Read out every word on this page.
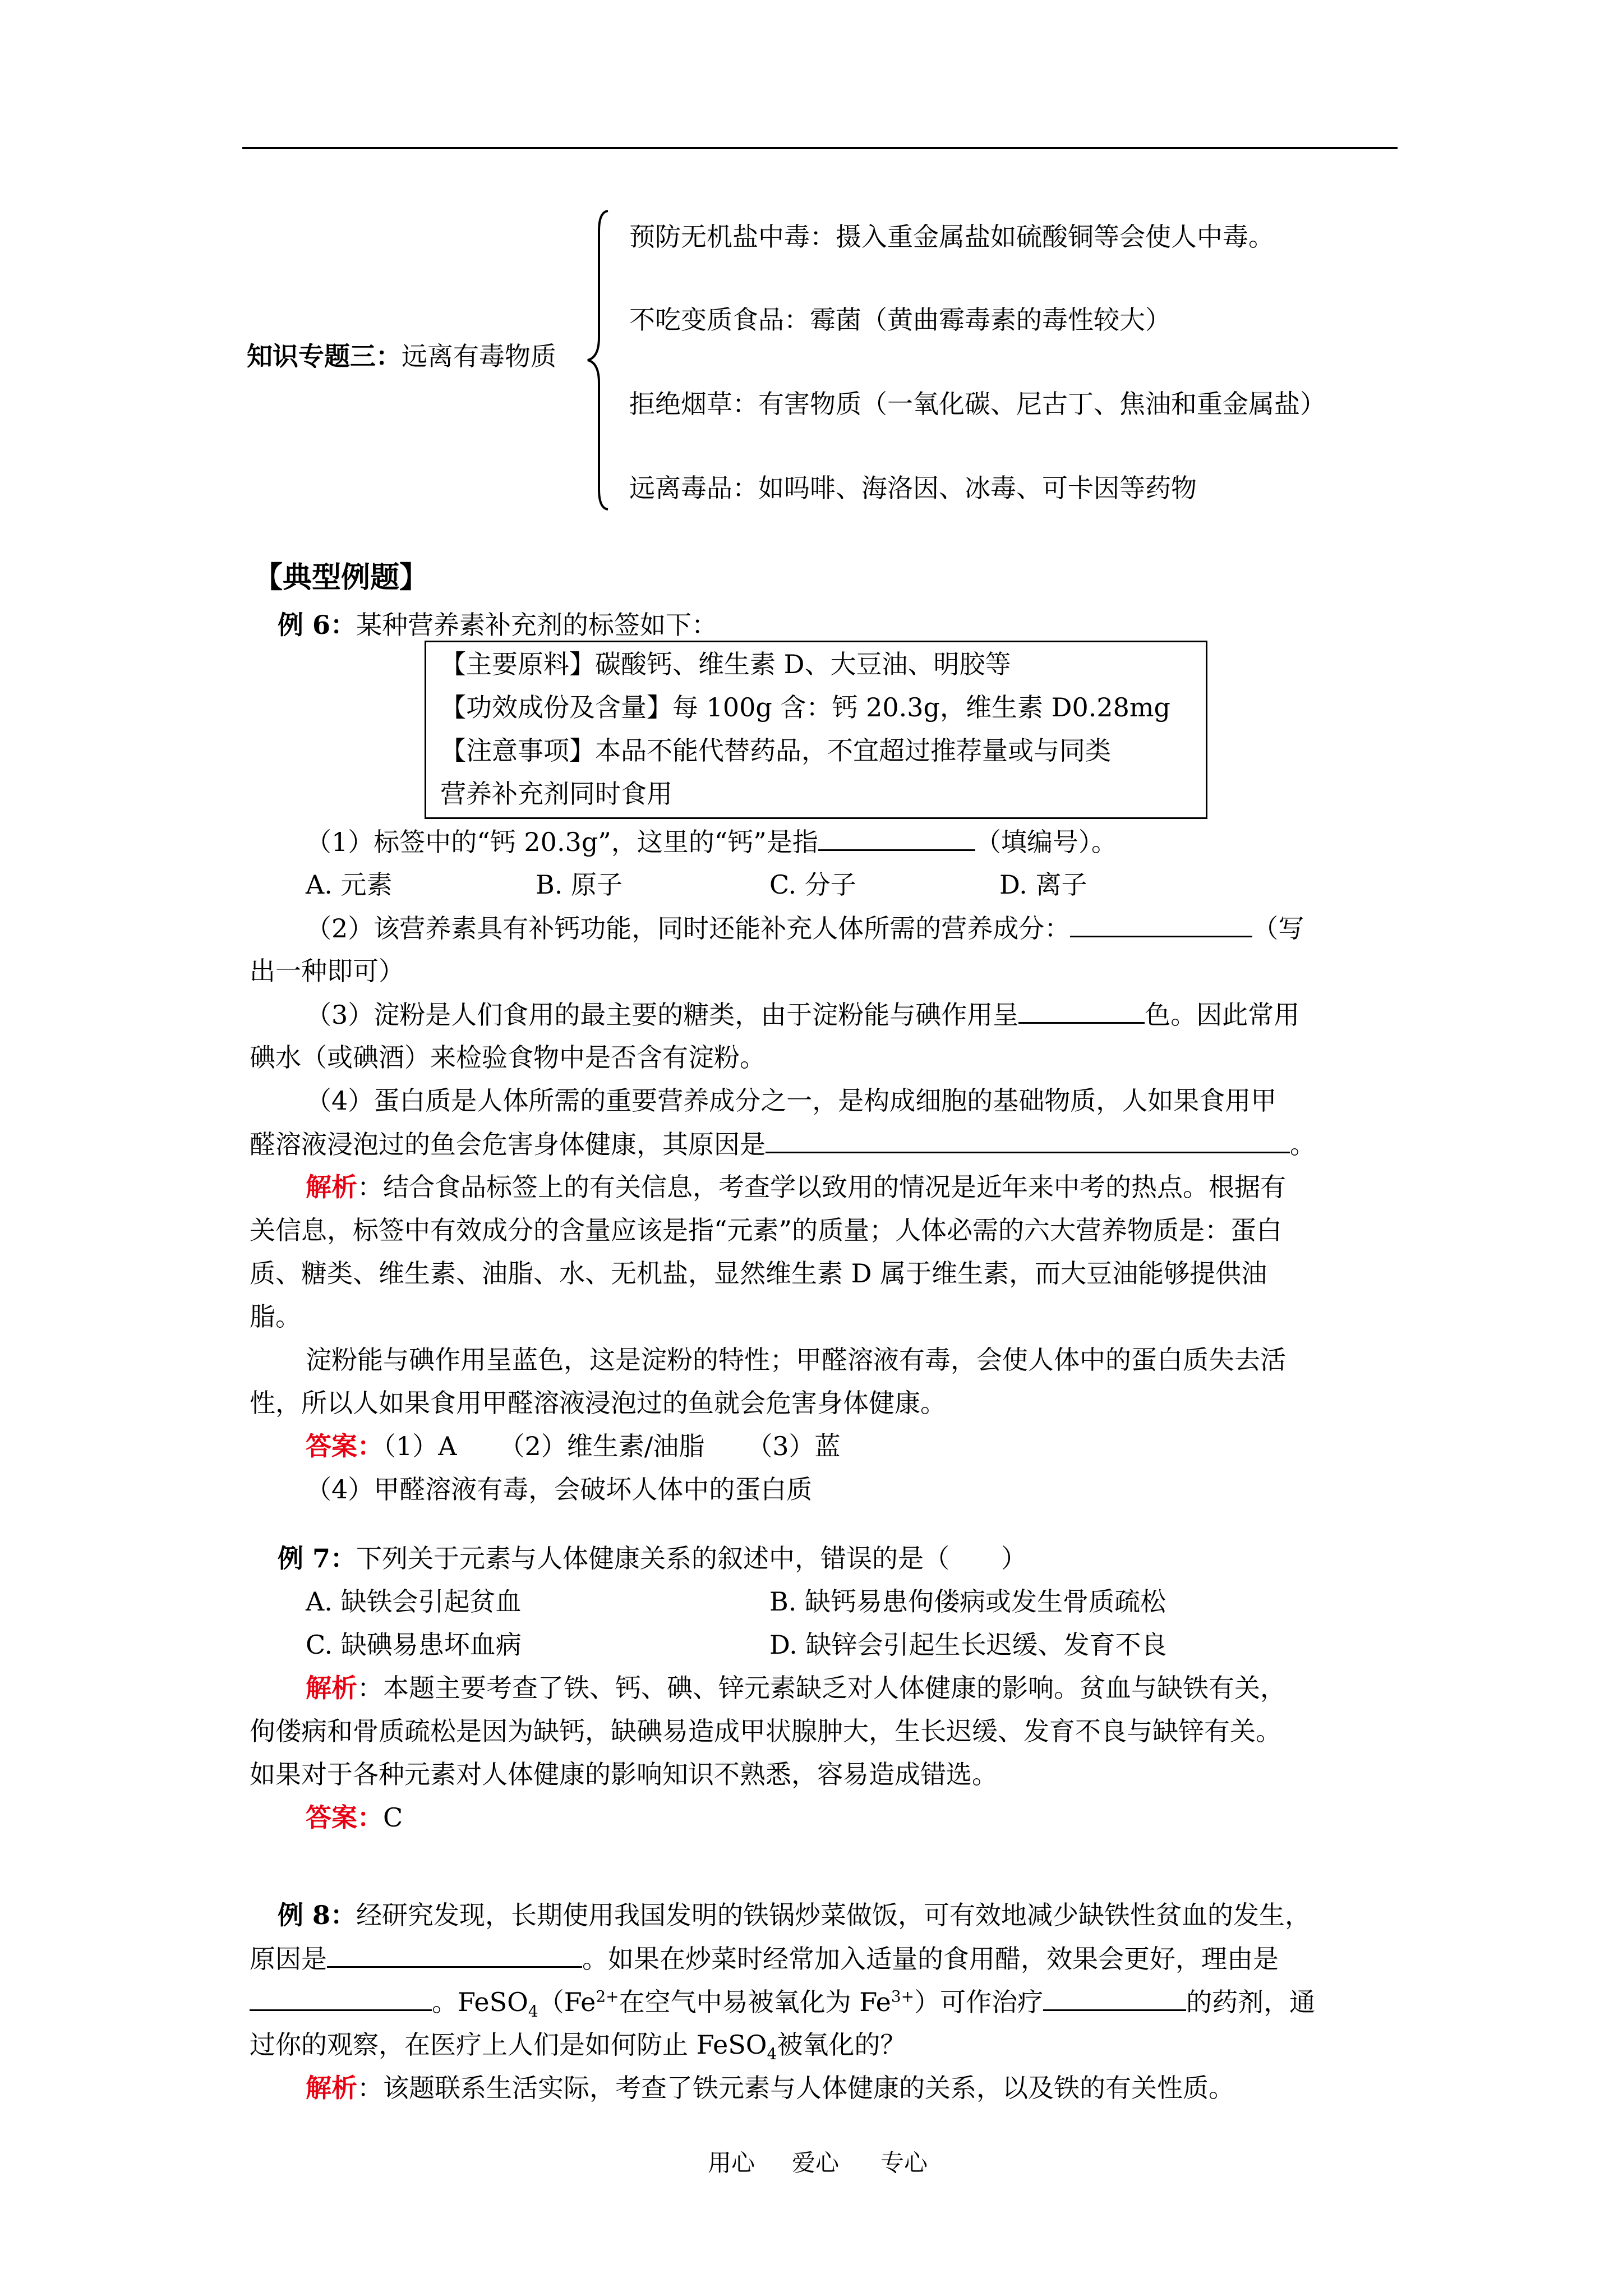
知识专题三：远离有毒物质
预防无机盐中毒：摄入重金属盐如硫酸铜等会使人中毒。
不吃变质食品：霉菌（黄曲霉毒素的毒性较大）
拒绝烟草：有害物质（一氧化碳、尼古丁、焦油和重金属盐）
远离毒品：如吗啡、海洛因、冰毒、可卡因等药物
【典型例题】
例 6：某种营养素补充剂的标签如下：
【主要原料】碳酸钙、维生素 D、大豆油、明胶等
【功效成份及含量】每 100g 含：钙 20.3g，维生素 D0.28mg
【注意事项】本品不能代替药品，不宜超过推荐量或与同类
营养补充剂同时食用
（1）标签中的“钙 20.3g”，这里的“钙”是指	（填编号）。
A. 元素	B. 原子	C. 分子	D. 离子
（2）该营养素具有补钙功能，同时还能补充人体所需的营养成分：	（写
出一种即可）
（3）淀粉是人们食用的最主要的糖类，由于淀粉能与碘作用呈	色。因此常用
碘水（或碘酒）来检验食物中是否含有淀粉。
（4）蛋白质是人体所需的重要营养成分之一，是构成细胞的基础物质，人如果食用甲
醛溶液浸泡过的鱼会危害身体健康，其原因是	。
解析：结合食品标签上的有关信息，考查学以致用的情况是近年来中考的热点。根据有
关信息，标签中有效成分的含量应该是指“元素”的质量；人体必需的六大营养物质是：蛋白
质、糖类、维生素、油脂、水、无机盐，显然维生素 D 属于维生素，而大豆油能够提供油
脂。
淀粉能与碘作用呈蓝色，这是淀粉的特性；甲醛溶液有毒，会使人体中的蛋白质失去活
性，所以人如果食用甲醛溶液浸泡过的鱼就会危害身体健康。
答案：（1）A （2）维生素/油脂 （3）蓝
（4）甲醛溶液有毒，会破坏人体中的蛋白质
例 7：下列关于元素与人体健康关系的叙述中，错误的是（　　）
A. 缺铁会引起贫血	B. 缺钙易患佝偻病或发生骨质疏松
C. 缺碘易患坏血病	D. 缺锌会引起生长迟缓、发育不良
解析：本题主要考查了铁、钙、碘、锌元素缺乏对人体健康的影响。贫血与缺铁有关，
佝偻病和骨质疏松是因为缺钙，缺碘易造成甲状腺肿大，生长迟缓、发育不良与缺锌有关。
如果对于各种元素对人体健康的影响知识不熟悉，容易造成错选。
答案：C
例 8：经研究发现，长期使用我国发明的铁锅炒菜做饭，可有效地减少缺铁性贫血的发生，
原因是	。如果在炒菜时经常加入适量的食用醋，效果会更好，理由是
。$FeSO_4(Fe^{2+}$在空气中易被氧化为 $Fe^{3+}$）可作治疗	的药剂，通
过你的观察，在医疗上人们是如何防止 FeSO$_4$被氧化的？
解析：该题联系生活实际，考查了铁元素与人体健康的关系，以及铁的有关性质。
用心 爱心 专心
